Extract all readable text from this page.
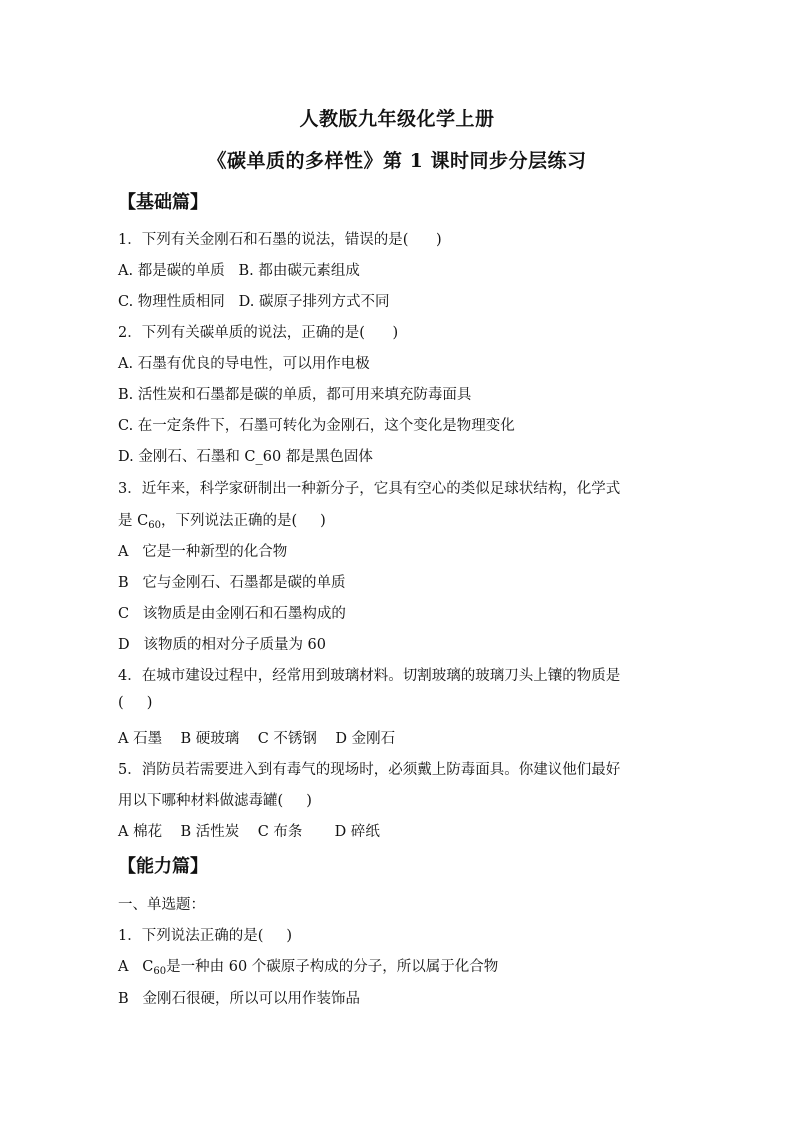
人教版九年级化学上册
《碳单质的多样性》第 1 课时同步分层练习
【基础篇】
1．下列有关金刚石和石墨的说法，错误的是(      )
A. 都是碳的单质   B. 都由碳元素组成
C. 物理性质相同   D. 碳原子排列方式不同
2．下列有关碳单质的说法，正确的是(      )
A. 石墨有优良的导电性，可以用作电极
B. 活性炭和石墨都是碳的单质，都可用来填充防毒面具
C. 在一定条件下，石墨可转化为金刚石，这个变化是物理变化
D. 金刚石、石墨和 C_60 都是黑色固体
3．近年来，科学家研制出一种新分子，它具有空心的类似足球状结构，化学式
是 $C_{60}$，下列说法正确的是(     )
A   它是一种新型的化合物
B   它与金刚石、石墨都是碳的单质
C   该物质是由金刚石和石墨构成的
D   该物质的相对分子质量为 60
4．在城市建设过程中，经常用到玻璃材料。切割玻璃的玻璃刀头上镶的物质是
(     )
A 石墨    B 硬玻璃    C 不锈钢    D 金刚石
5．消防员若需要进入到有毒气的现场时，必须戴上防毒面具。你建议他们最好
用以下哪种材料做滤毒罐(     )
A 棉花    B 活性炭    C 布条       D 碎纸
【能力篇】
一、单选题：
1．下列说法正确的是(     )
A   $C_{60}$是一种由 60 个碳原子构成的分子，所以属于化合物
B   金刚石很硬，所以可以用作装饰品
